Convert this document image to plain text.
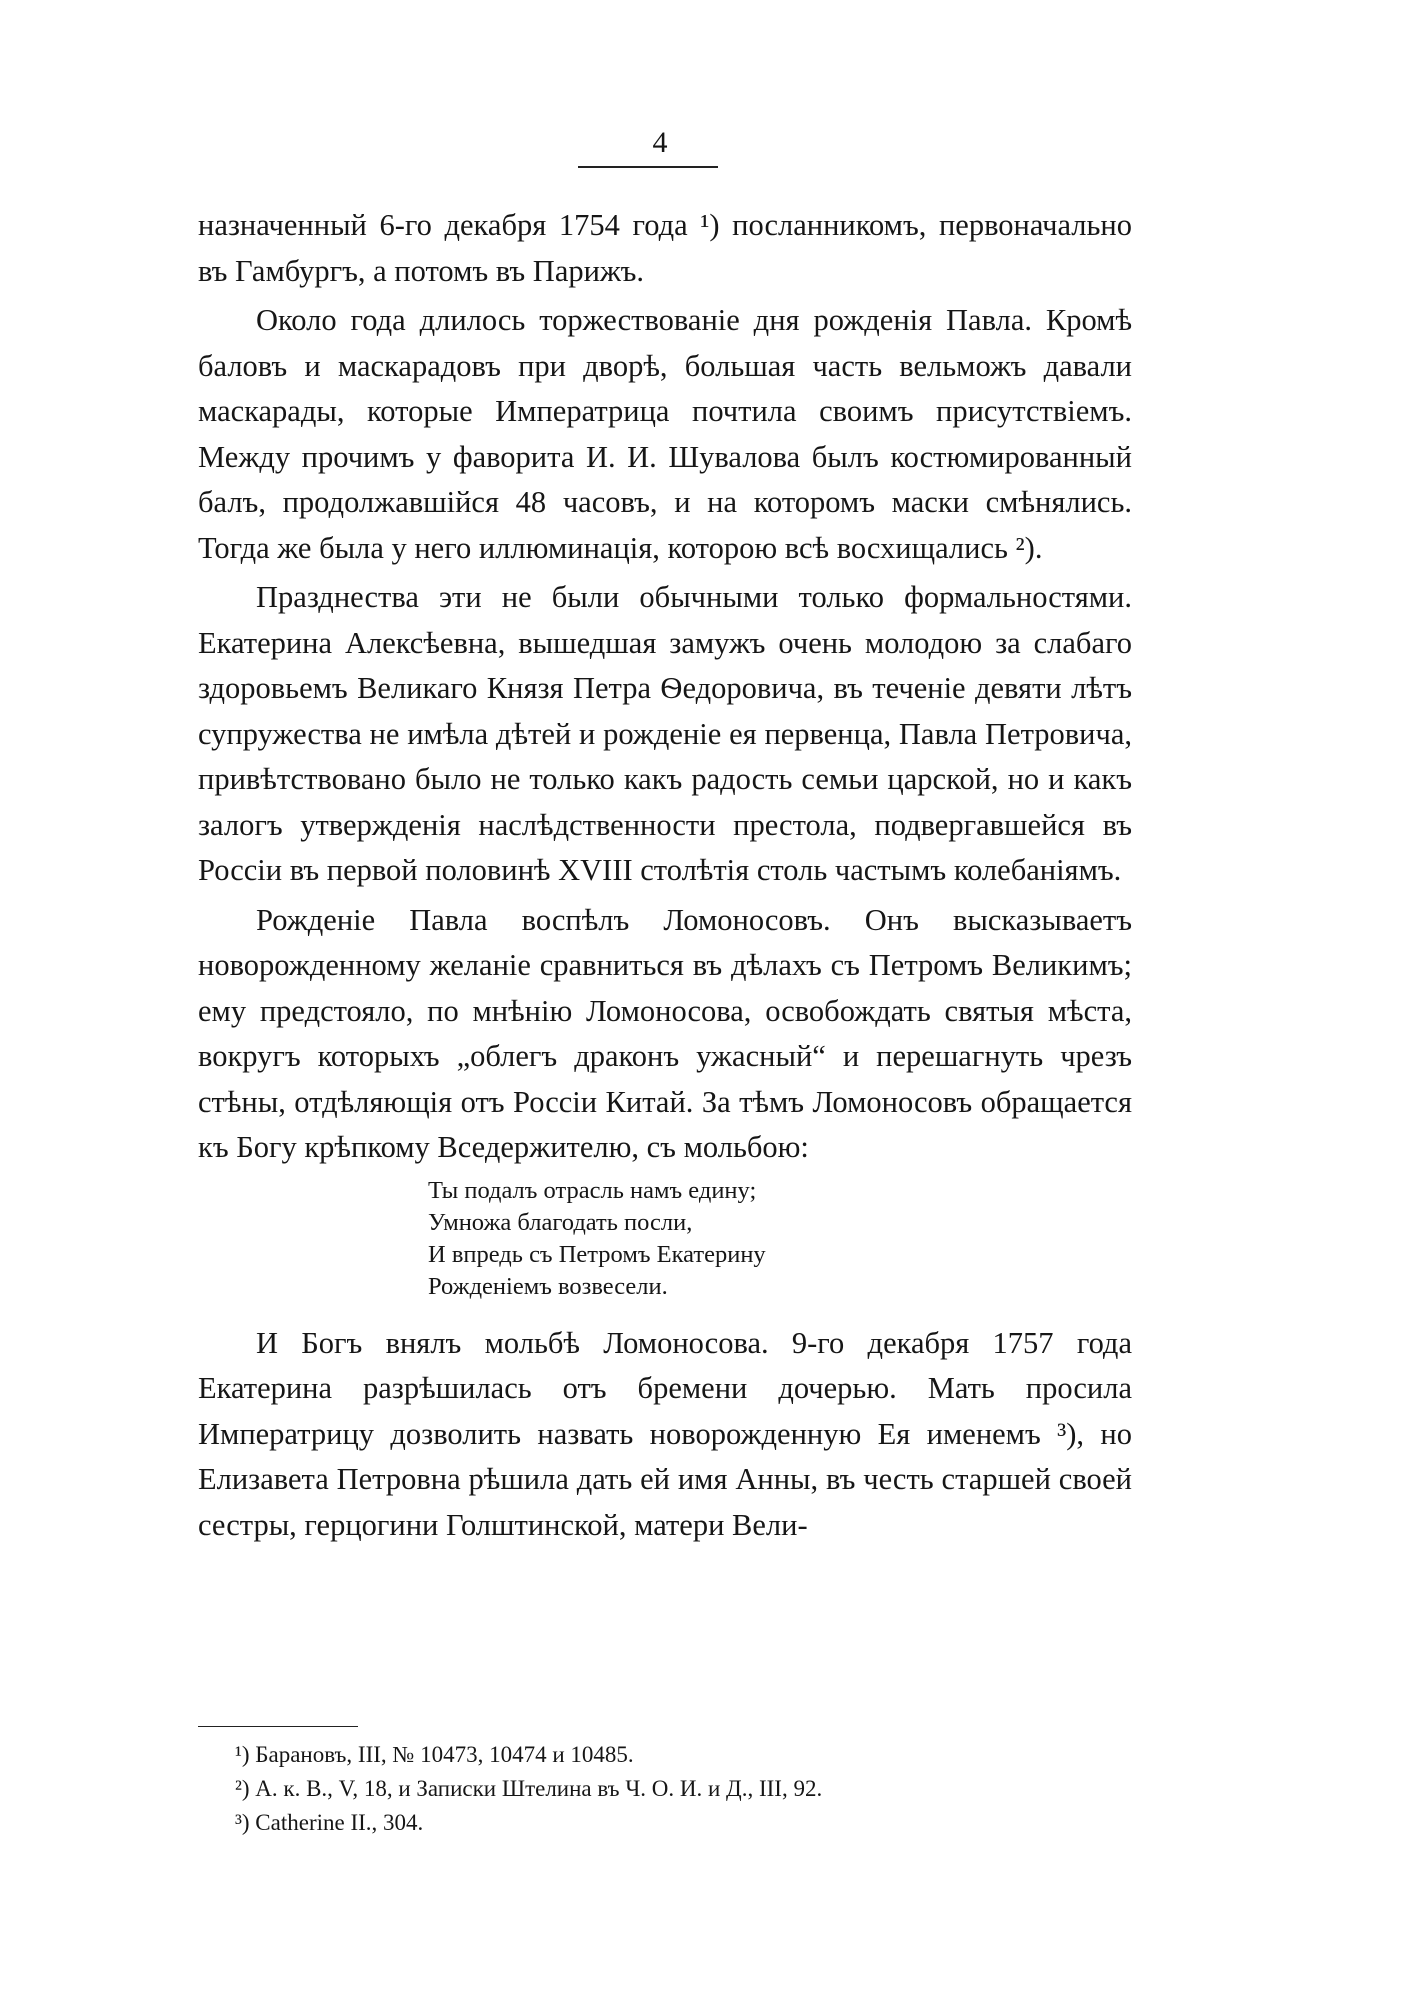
4

назначенный 6-го декабря 1754 года ¹) посланникомъ, первоначально въ Гамбургъ, а потомъ въ Парижъ.

Около года длилось торжествованіе дня рожденія Павла. Кромѣ баловъ и маскарадовъ при дворѣ, большая часть вельможъ давали маскарады, которые Императрица почтила своимъ присутствіемъ. Между прочимъ у фаворита И. И. Шувалова былъ костюмированный балъ, продолжавшійся 48 часовъ, и на которомъ маски смѣнялись. Тогда же была у него иллюминація, которою всѣ восхищались ²).

Празднества эти не были обычными только формальностями. Екатерина Алексѣевна, вышедшая замужъ очень молодою за слабаго здоровьемъ Великаго Князя Петра Ѳедоровича, въ теченіе девяти лѣтъ супружества не имѣла дѣтей и рожденіе ея первенца, Павла Петровича, привѣтствовано было не только какъ радость семьи царской, но и какъ залогъ утвержденія наслѣдственности престола, подвергавшейся въ Россіи въ первой половинѣ XVIII столѣтія столь частымъ колебаніямъ.

Рожденіе Павла воспѣлъ Ломоносовъ. Онъ высказываетъ новорожденному желаніе сравниться въ дѣлахъ съ Петромъ Великимъ; ему предстояло, по мнѣнію Ломоносова, освобождать святыя мѣста, вокругъ которыхъ „облегъ драконъ ужасный“ и перешагнуть чрезъ стѣны, отдѣляющія отъ Россіи Китай. За тѣмъ Ломоносовъ обращается къ Богу крѣпкому Вседержителю, съ мольбою:

Ты подалъ отрасль намъ едину;
Умножа благодать посли,
И впредь съ Петромъ Екатерину
Рожденіемъ возвесели.

И Богъ внялъ мольбѣ Ломоносова. 9-го декабря 1757 года Екатерина разрѣшилась отъ бремени дочерью. Мать просила Императрицу дозволить назвать новорожденную Ея именемъ ³), но Елизавета Петровна рѣшила дать ей имя Анны, въ честь старшей своей сестры, герцогини Голштинской, матери Вели-

¹) Барановъ, III, № 10473, 10474 и 10485.
²) А. к. В., V, 18, и Записки Штелина въ Ч. О. И. и Д., III, 92.
³) Catherine II., 304.
